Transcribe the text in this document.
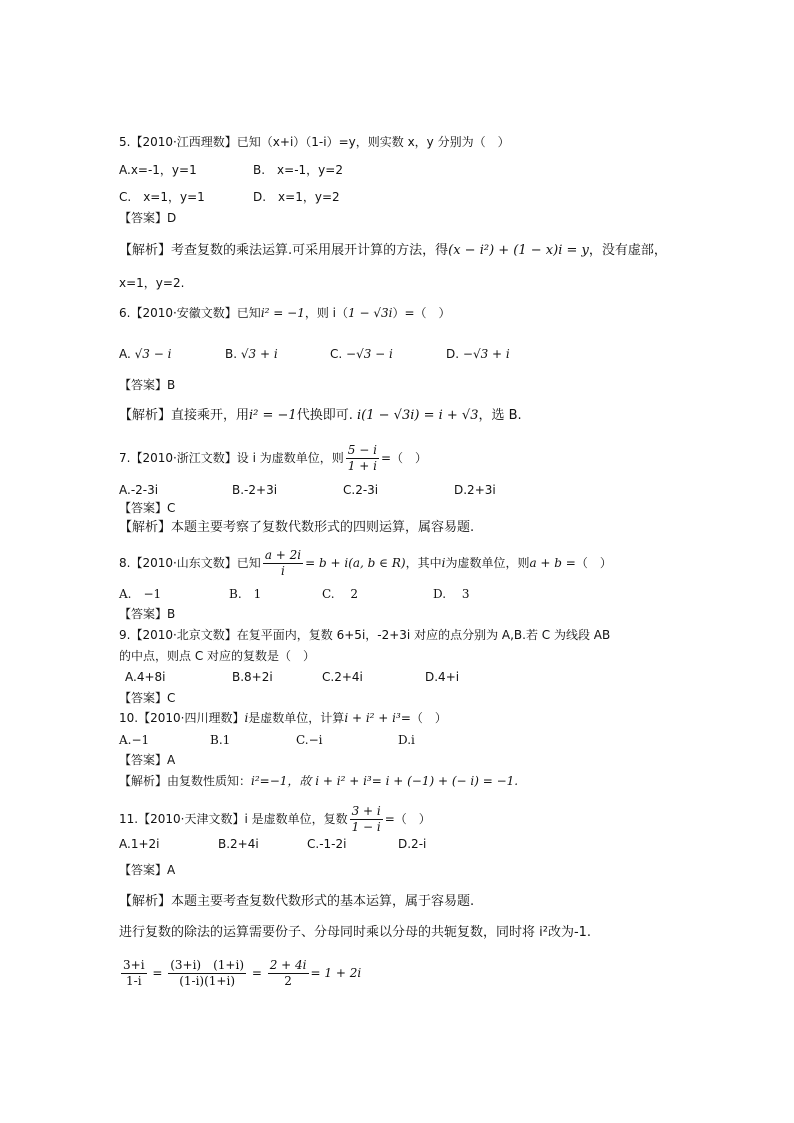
5.【2010·江西理数】已知（x+i）（1-i）=y，则实数 x，y 分别为（　）
A.x=-1，y=1	B.　x=-1，y=2
C.　x=1，y=1	D.　x=1，y=2
【答案】D
【解析】考查复数的乘法运算.可采用展开计算的方法，得(x − i²) + (1 − x)i = y，没有虚部，
x=1，y=2.
6.【2010·安徽文数】已知i² = −1，则 i（1 − √3i）=（　）
A. √3 − i	B. √3 + i	C. −√3 − i	D. −√3 + i
【答案】B
【解析】直接乘开，用i² = −1代换即可. i(1 − √3i) = i + √3，选 B.
7.【2010·浙江文数】设 i 为虚数单位，则 $\frac{5 - i}{1 + i}$ =（　）
A.-2-3i	B.-2+3i	C.2-3i	D.2+3i
【答案】C
【解析】本题主要考察了复数代数形式的四则运算，属容易题.
8.【2010·山东文数】已知 $\frac{a + 2i}{i} = b + i(a$, b ∈ R)，其中i为虚数单位，则a + b =（　）
A.　−1	B.　1	C.　 2	D.　 3
【答案】B
9.【2010·北京文数】在复平面内，复数 6+5i，-2+3i 对应的点分别为 A,B.若 C 为线段 AB
的中点，则点 C 对应的复数是（　）
A.4+8i	B.8+2i	C.2+4i	D.4+i
【答案】C
10.【2010·四川理数】i是虚数单位，计算i + i² + i³=（　）
A.−1	B.1	C.−i	D.i
【答案】A
【解析】由复数性质知：i²=−1，故 i + i² + i³= i + (−1) + (− i) = −1.
11.【2010·天津文数】i 是虚数单位，复数 $\frac{3 + i}{1 - i}$ =（　）
A.1+2i	B.2+4i	C.-1-2i	D.2-i
【答案】A
【解析】本题主要考查复数代数形式的基本运算，属于容易题.
进行复数的除法的运算需要份子、分母同时乘以分母的共轭复数，同时将 i²改为-1.
$\frac{3+i}{1-i} = \frac{(3+i) (1+i)}{(1-i)(1+i)} = \frac{2 + 4i}{2} = 1 + 2i$
